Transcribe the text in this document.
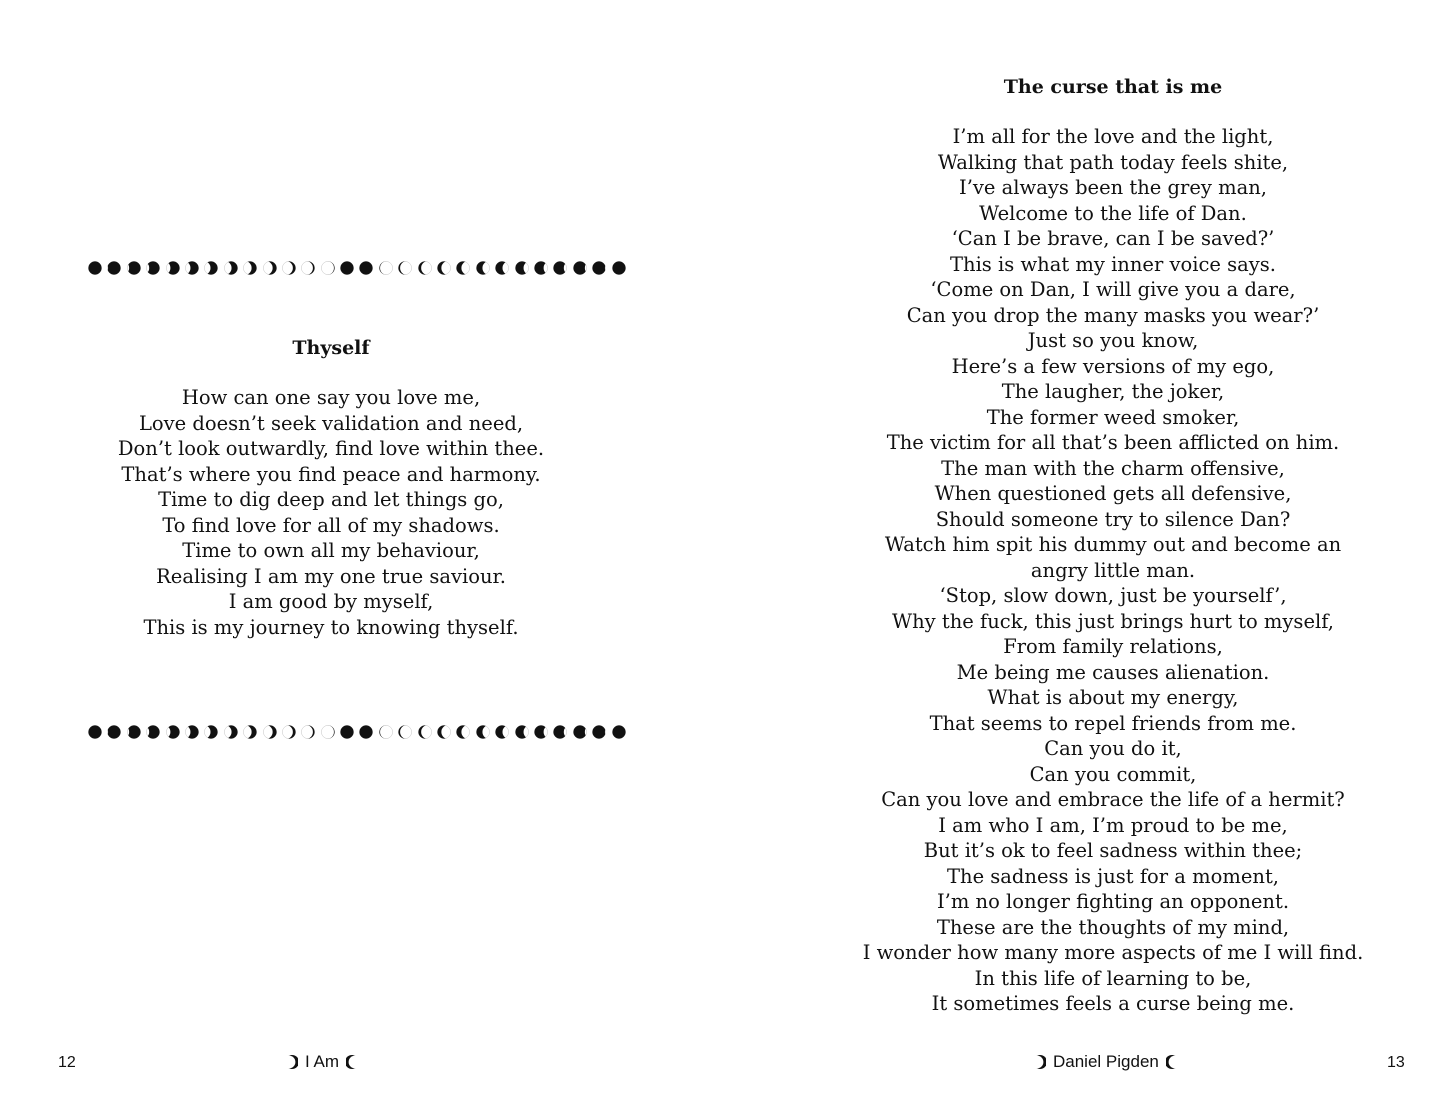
Thyself
How can one say you love me,
Love doesn’t seek validation and need,
Don’t look outwardly, find love within thee.
That’s where you find peace and harmony.
Time to dig deep and let things go,
To find love for all of my shadows.
Time to own all my behaviour,
Realising I am my one true saviour.
I am good by myself,
This is my journey to knowing thyself.
12	I Am
The curse that is me
I’m all for the love and the light,
Walking that path today feels shite,
I’ve always been the grey man,
Welcome to the life of Dan.
‘Can I be brave, can I be saved?’
This is what my inner voice says.
‘Come on Dan, I will give you a dare,
Can you drop the many masks you wear?’
Just so you know,
Here’s a few versions of my ego,
The laugher, the joker,
The former weed smoker,
The victim for all that’s been afflicted on him.
The man with the charm offensive,
When questioned gets all defensive,
Should someone try to silence Dan?
Watch him spit his dummy out and become an
angry little man.
‘Stop, slow down, just be yourself’,
Why the fuck, this just brings hurt to myself,
From family relations,
Me being me causes alienation.
What is about my energy,
That seems to repel friends from me.
Can you do it,
Can you commit,
Can you love and embrace the life of a hermit?
I am who I am, I’m proud to be me,
But it’s ok to feel sadness within thee;
The sadness is just for a moment,
I’m no longer fighting an opponent.
These are the thoughts of my mind,
I wonder how many more aspects of me I will find.
In this life of learning to be,
It sometimes feels a curse being me.
Daniel Pigden	13
